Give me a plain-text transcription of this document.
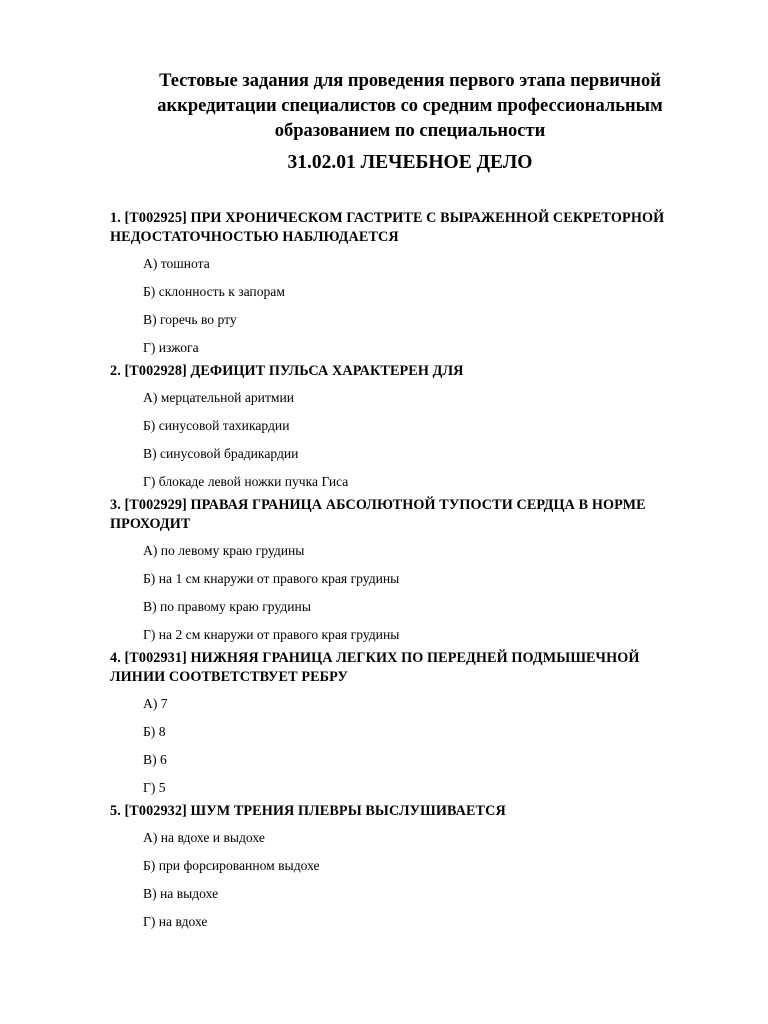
Тестовые задания для проведения первого этапа первичной
аккредитации специалистов со средним профессиональным
образованием по специальности
31.02.01 ЛЕЧЕБНОЕ ДЕЛО

1. [T002925] ПРИ ХРОНИЧЕСКОМ ГАСТРИТЕ С ВЫРАЖЕННОЙ СЕКРЕТОРНОЙ
НЕДОСТАТОЧНОСТЬЮ НАБЛЮДАЕТСЯ

А) тошнота
Б) склонность к запорам
В) горечь во рту
Г) изжога

2. [T002928] ДЕФИЦИТ ПУЛЬСА ХАРАКТЕРЕН ДЛЯ

А) мерцательной аритмии
Б) синусовой тахикардии
В) синусовой брадикардии
Г) блокаде левой ножки пучка Гиса

3. [T002929] ПРАВАЯ ГРАНИЦА АБСОЛЮТНОЙ ТУПОСТИ СЕРДЦА В НОРМЕ
ПРОХОДИТ

А) по левому краю грудины
Б) на 1 см кнаружи от правого края грудины
В) по правому краю грудины
Г) на 2 см кнаружи от правого края грудины

4. [T002931] НИЖНЯЯ ГРАНИЦА ЛЕГКИХ ПО ПЕРЕДНЕЙ ПОДМЫШЕЧНОЙ
ЛИНИИ СООТВЕТСТВУЕТ РЕБРУ

А) 7
Б) 8
В) 6
Г) 5

5. [T002932] ШУМ ТРЕНИЯ ПЛЕВРЫ ВЫСЛУШИВАЕТСЯ

А) на вдохе и выдохе
Б) при форсированном выдохе
В) на выдохе
Г) на вдохе
